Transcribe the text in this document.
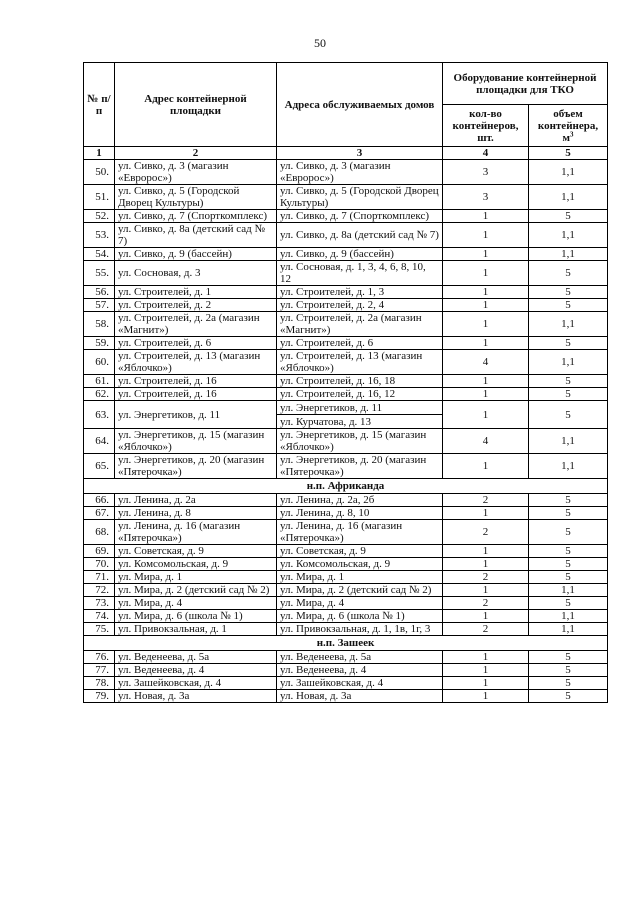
50
№ п/п	Адрес контейнерной площадки	Адреса обслуживаемых домов	Оборудование контейнерной площадки для ТКО	
			кол-во контейнеров, шт.	объем контейнера, $м^3$
1	2	3	4	5
50.	ул. Сивко, д. 3 (магазин «Евророс»)	ул. Сивко, д. 3 (магазин «Евророс»)	3	1,1
51.	ул. Сивко, д. 5 (Городской Дворец Культуры)	ул. Сивко, д. 5 (Городской Дворец Культуры)	3	1,1
52.	ул. Сивко, д. 7 (Спорткомплекс)	ул. Сивко, д. 7 (Спорткомплекс)	1	5
53.	ул. Сивко, д. 8а (детский сад № 7)	ул. Сивко, д. 8а (детский сад № 7)	1	1,1
54.	ул. Сивко, д. 9 (бассейн)	ул. Сивко, д. 9 (бассейн)	1	1,1
55.	ул. Сосновая, д. 3	ул. Сосновая, д. 1, 3, 4, 6, 8, 10, 12	1	5
56.	ул. Строителей, д. 1	ул. Строителей, д. 1, 3	1	5
57.	ул. Строителей, д. 2	ул. Строителей, д. 2, 4	1	5
58.	ул. Строителей, д. 2а (магазин «Магнит»)	ул. Строителей, д. 2а (магазин «Магнит»)	1	1,1
59.	ул. Строителей, д. 6	ул. Строителей, д. 6	1	5
60.	ул. Строителей, д. 13 (магазин «Яблочко»)	ул. Строителей, д. 13 (магазин «Яблочко»)	4	1,1
61.	ул. Строителей, д. 16	ул. Строителей, д. 16, 18	1	5
62.	ул. Строителей, д. 16	ул. Строителей, д. 16, 12	1	5
63.	ул. Энергетиков, д. 11	ул. Энергетиков, д. 11	1	5
		ул. Курчатова, д. 13		
64.	ул. Энергетиков, д. 15 (магазин «Яблочко»)	ул. Энергетиков, д. 15 (магазин «Яблочко»)	4	1,1
65.	ул. Энергетиков, д. 20 (магазин «Пятерочка»)	ул. Энергетиков, д. 20 (магазин «Пятерочка»)	1	1,1
н.п. Африканда				
66.	ул. Ленина, д. 2а	ул. Ленина, д. 2а, 2б	2	5
67.	ул. Ленина, д. 8	ул. Ленина, д. 8, 10	1	5
68.	ул. Ленина, д. 16 (магазин «Пятерочка»)	ул. Ленина, д. 16 (магазин «Пятерочка»)	2	5
69.	ул. Советская, д. 9	ул. Советская, д. 9	1	5
70.	ул. Комсомольская, д. 9	ул. Комсомольская, д. 9	1	5
71.	ул. Мира, д. 1	ул. Мира, д. 1	2	5
72.	ул. Мира, д. 2 (детский сад № 2)	ул. Мира, д. 2 (детский сад № 2)	1	1,1
73.	ул. Мира, д. 4	ул. Мира, д. 4	2	5
74.	ул. Мира, д. 6 (школа № 1)	ул. Мира, д. 6 (школа № 1)	1	1,1
75.	ул. Привокзальная, д. 1	ул. Привокзальная, д. 1, 1в, 1г, 3	2	1,1
н.п. Зашеек				
76.	ул. Веденеева, д. 5а	ул. Веденеева, д. 5а	1	5
77.	ул. Веденеева, д. 4	ул. Веденеева, д. 4	1	5
78.	ул. Зашейковская, д. 4	ул. Зашейковская, д. 4	1	5
79.	ул. Новая, д. 3а	ул. Новая, д. 3а	1	5
